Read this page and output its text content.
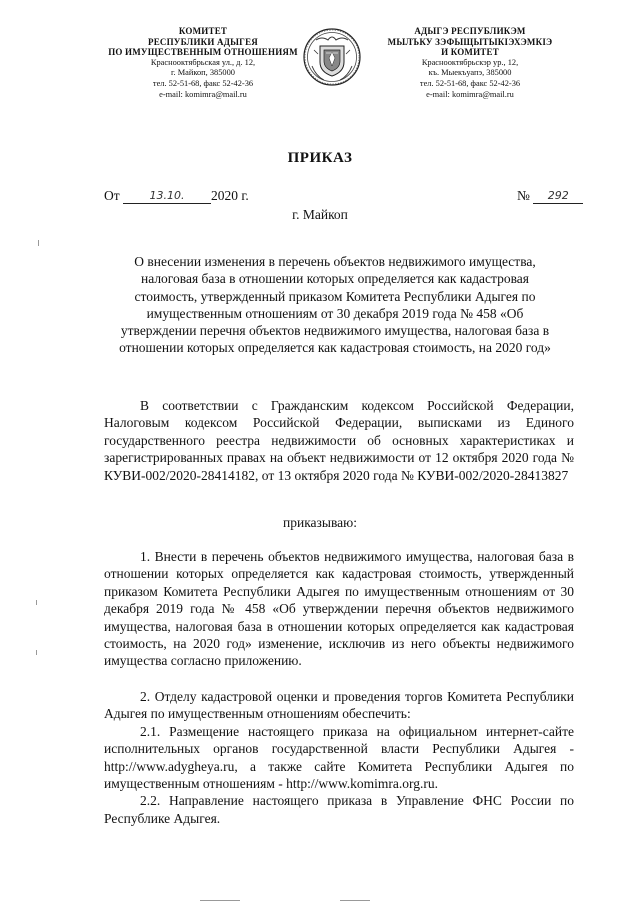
КОМИТЕТ
РЕСПУБЛИКИ АДЫГЕЯ
ПО ИМУЩЕСТВЕННЫМ ОТНОШЕНИЯМ
Краснооктябрьская ул., д. 12,
г. Майкоп, 385000
тел. 52-51-68, факс 52-42-36
e-mail: komimra@mail.ru
АДЫГЭ РЕСПУБЛИКЭМ
МЫЛЪКУ ЗЭФЫЩЫТЫКІЭХЭМКІЭ
И КОМИТЕТ
Краснооктябрьскэр ур., 12,
къ. Мыекъуапэ, 385000
тел. 52-51-68, факс 52-42-36
e-mail: komimra@mail.ru
ПРИКАЗ
От	13.10. 2020 г.	№ 292
г. Майкоп
О внесении изменения в перечень объектов недвижимого имущества, налоговая база в отношении которых определяется как кадастровая стоимость, утвержденный приказом Комитета Республики Адыгея по имущественным отношениям от 30 декабря 2019 года № 458 «Об утверждении перечня объектов недвижимого имущества, налоговая база в отношении которых определяется как кадастровая стоимость, на 2020 год»

В соответствии с Гражданским кодексом Российской Федерации, Налоговым кодексом Российской Федерации, выписками из Единого государственного реестра недвижимости об основных характеристиках и зарегистрированных правах на объект недвижимости от 12 октября 2020 года № КУВИ-002/2020-28414182, от 13 октября 2020 года № КУВИ-002/2020-28413827

приказываю:

1. Внести в перечень объектов недвижимого имущества, налоговая база в отношении которых определяется как кадастровая стоимость, утвержденный приказом Комитета Республики Адыгея по имущественным отношениям от 30 декабря 2019 года № 458 «Об утверждении перечня объектов недвижимого имущества, налоговая база в отношении которых определяется как кадастровая стоимость, на 2020 год» изменение, исключив из него объекты недвижимого имущества согласно приложению.

2. Отделу кадастровой оценки и проведения торгов Комитета Республики Адыгея по имущественным отношениям обеспечить:

2.1. Размещение настоящего приказа на официальном интернет-сайте исполнительных органов государственной власти Республики Адыгея - http://www.adygheya.ru, а также сайте Комитета Республики Адыгея по имущественным отношениям - http://www.komimra.org.ru.

2.2. Направление настоящего приказа в Управление ФНС России по Республике Адыгея.
